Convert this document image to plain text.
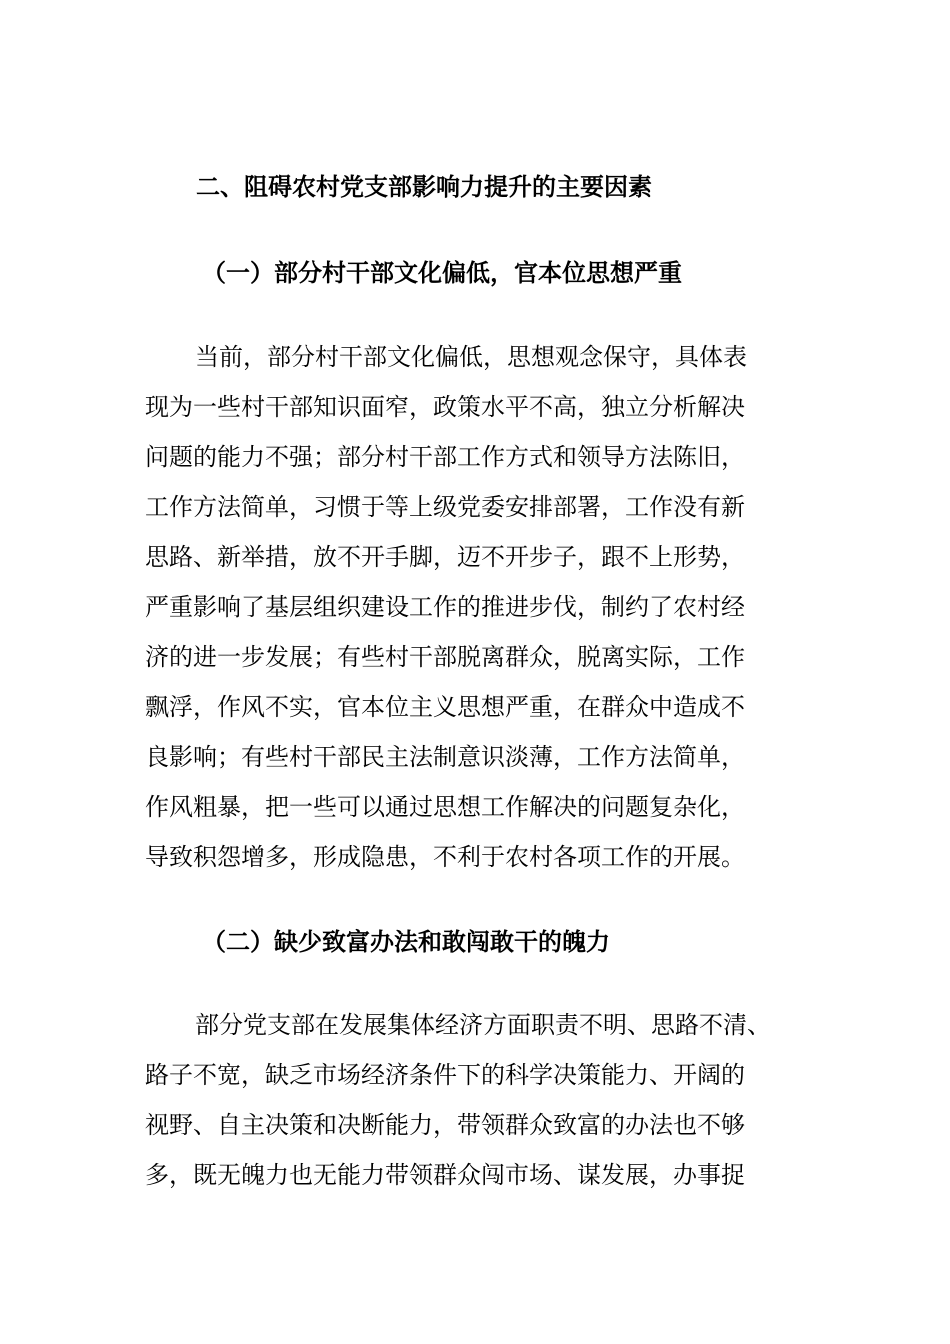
二、阻碍农村党支部影响力提升的主要因素
（一）部分村干部文化偏低，官本位思想严重
当前，部分村干部文化偏低，思想观念保守，具体表
现为一些村干部知识面窄，政策水平不高，独立分析解决
问题的能力不强；部分村干部工作方式和领导方法陈旧，
工作方法简单，习惯于等上级党委安排部署，工作没有新
思路、新举措，放不开手脚，迈不开步子，跟不上形势，
严重影响了基层组织建设工作的推进步伐，制约了农村经
济的进一步发展；有些村干部脱离群众，脱离实际，工作
飘浮，作风不实，官本位主义思想严重，在群众中造成不
良影响；有些村干部民主法制意识淡薄，工作方法简单，
作风粗暴，把一些可以通过思想工作解决的问题复杂化，
导致积怨增多，形成隐患，不利于农村各项工作的开展。
（二）缺少致富办法和敢闯敢干的魄力
部分党支部在发展集体经济方面职责不明、思路不清、
路子不宽，缺乏市场经济条件下的科学决策能力、开阔的
视野、自主决策和决断能力，带领群众致富的办法也不够
多，既无魄力也无能力带领群众闯市场、谋发展，办事捉
